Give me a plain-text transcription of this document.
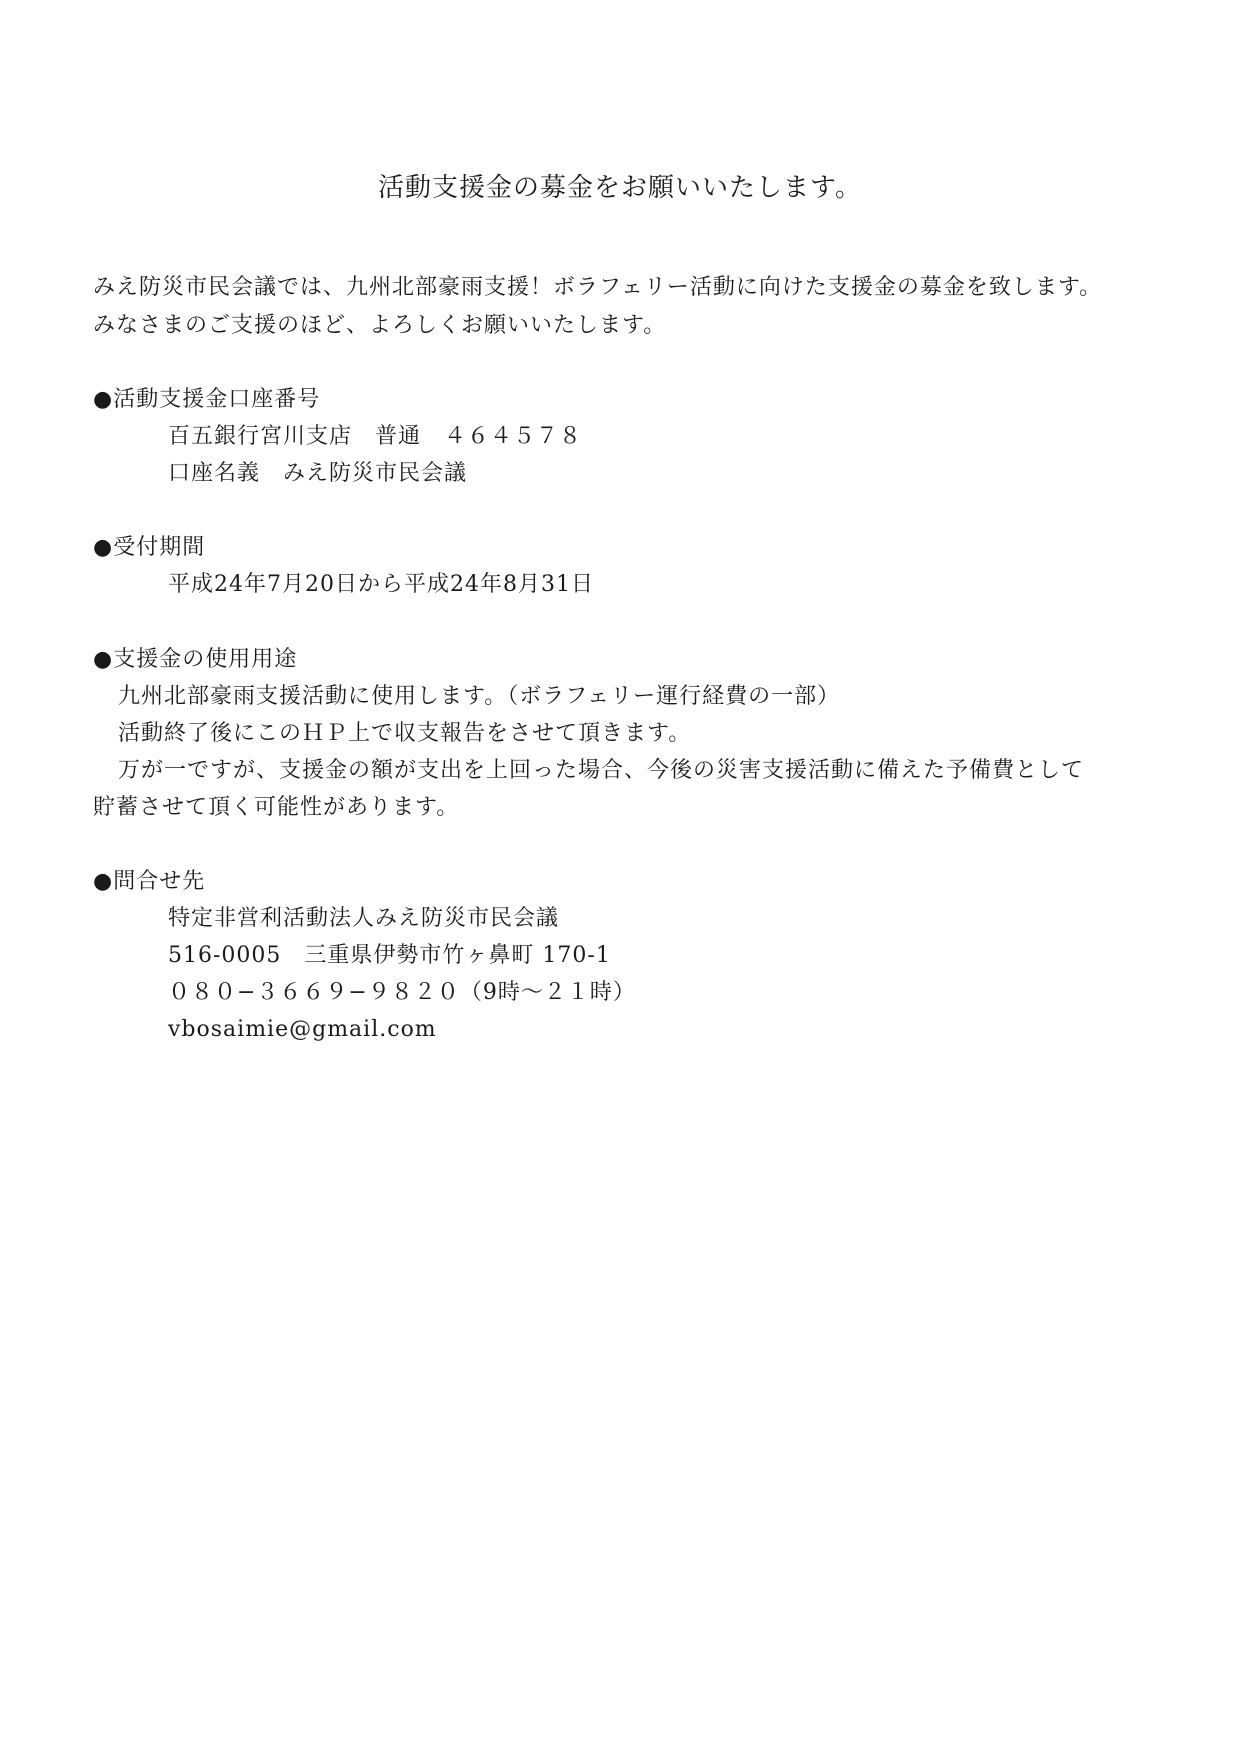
活動支援金の募金をお願いいたします。
みえ防災市民会議では、九州北部豪雨支援！ボラフェリー活動に向けた支援金の募金を致します。
みなさまのご支援のほど、よろしくお願いいたします。
●活動支援金口座番号
百五銀行宮川支店　普通　４６４５７８
口座名義　みえ防災市民会議
●受付期間
平成24年7月20日から平成24年8月31日
●支援金の使用用途
九州北部豪雨支援活動に使用します。（ボラフェリー運行経費の一部）
活動終了後にこのＨＰ上で収支報告をさせて頂きます。
万が一ですが、支援金の額が支出を上回った場合、今後の災害支援活動に備えた予備費として
貯蓄させて頂く可能性があります。
●問合せ先
特定非営利活動法人みえ防災市民会議
516-0005　三重県伊勢市竹ヶ鼻町 170-1
０８０−３６６９−９８２０（9時〜２１時）
vbosaimie@gmail.com
